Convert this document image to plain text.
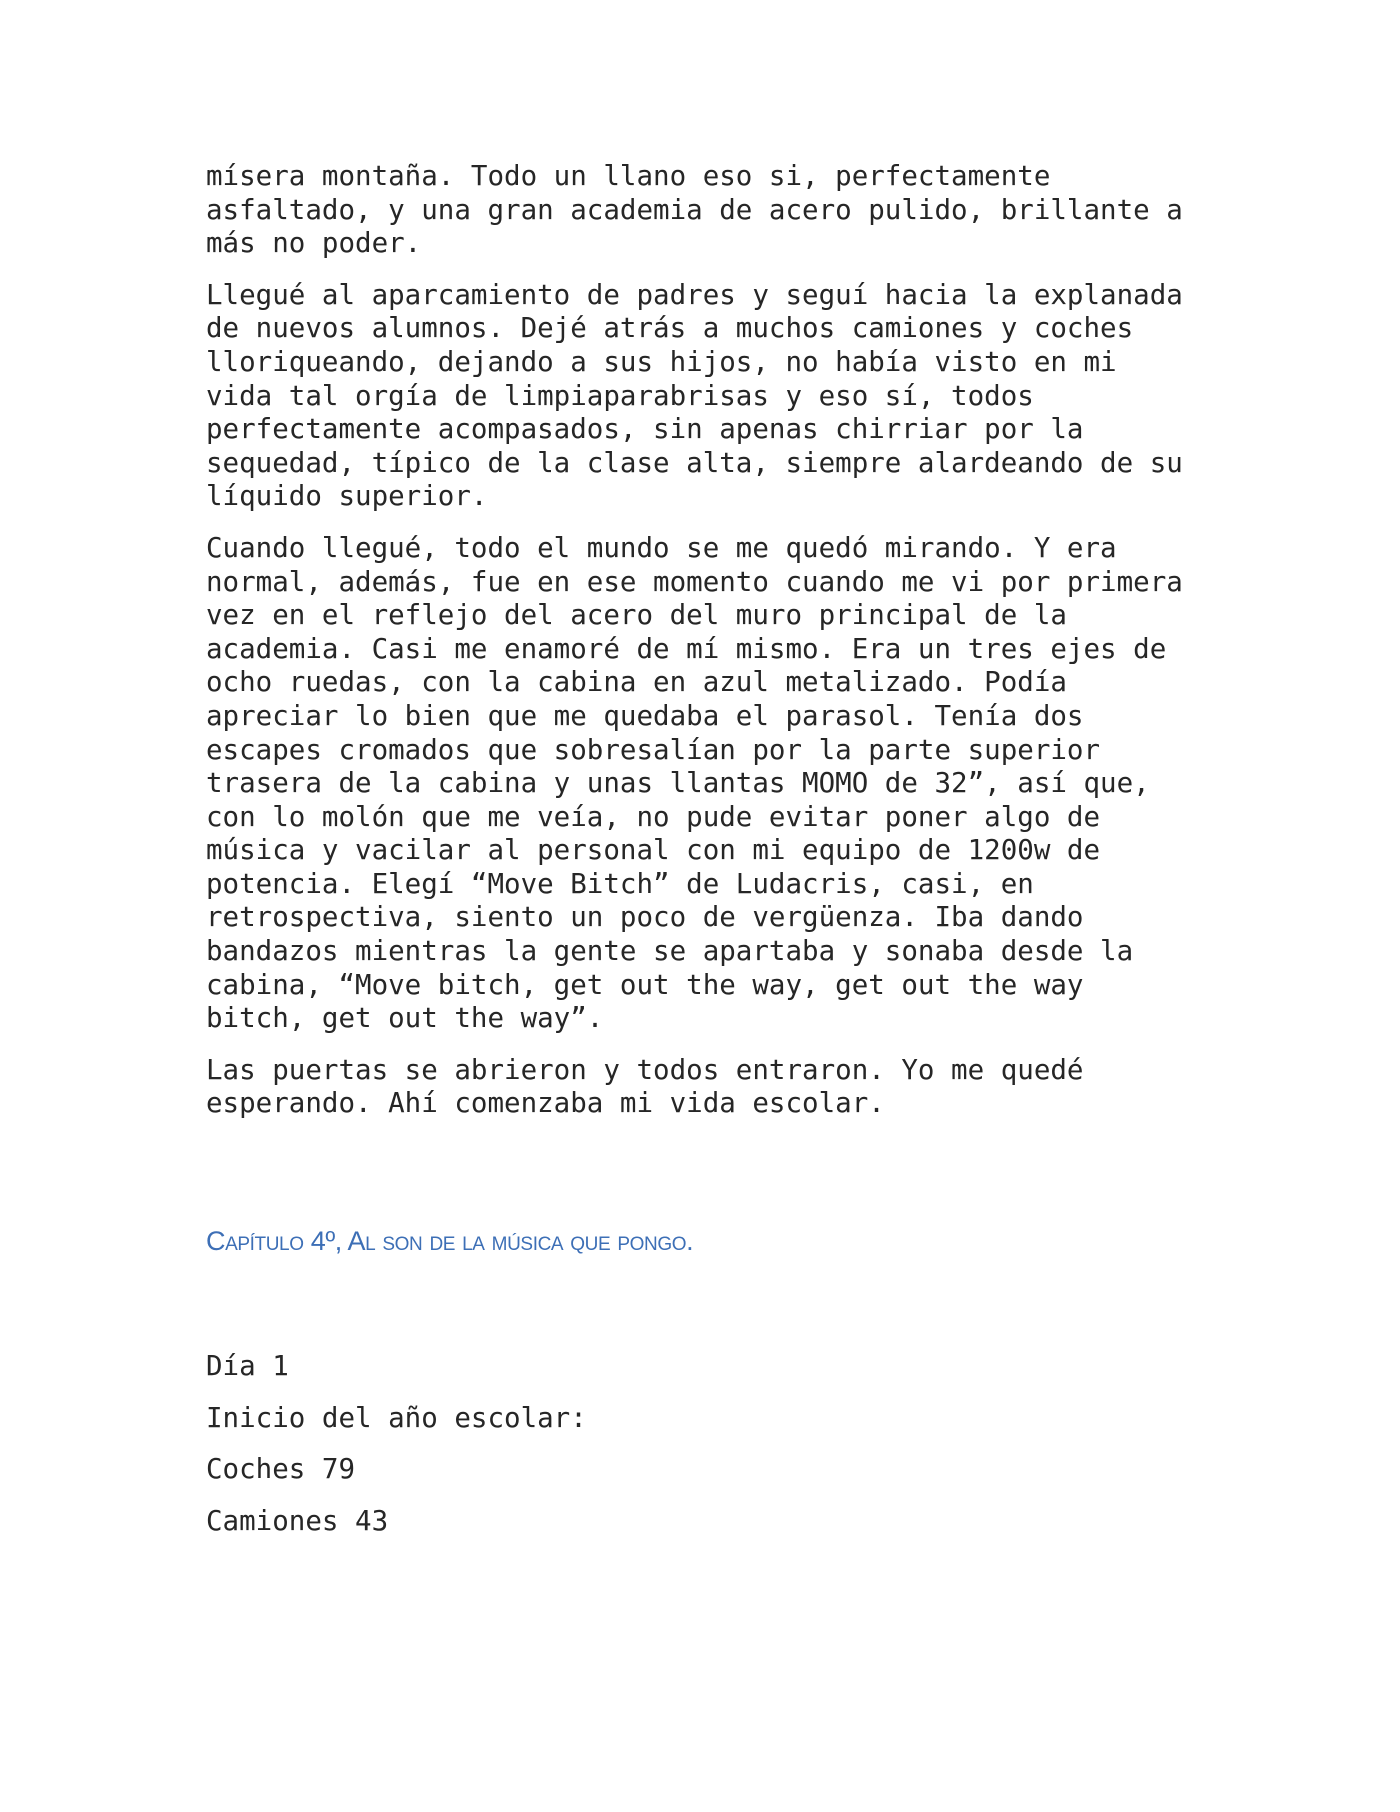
mísera montaña. Todo un llano eso si, perfectamente
asfaltado, y una gran academia de acero pulido, brillante a
más no poder.

Llegué al aparcamiento de padres y seguí hacia la explanada
de nuevos alumnos. Dejé atrás a muchos camiones y coches
lloriqueando, dejando a sus hijos, no había visto en mi
vida tal orgía de limpiaparabrisas y eso sí, todos
perfectamente acompasados, sin apenas chirriar por la
sequedad, típico de la clase alta, siempre alardeando de su
líquido superior.

Cuando llegué, todo el mundo se me quedó mirando. Y era
normal, además, fue en ese momento cuando me vi por primera
vez en el reflejo del acero del muro principal de la
academia. Casi me enamoré de mí mismo. Era un tres ejes de
ocho ruedas, con la cabina en azul metalizado. Podía
apreciar lo bien que me quedaba el parasol. Tenía dos
escapes cromados que sobresalían por la parte superior
trasera de la cabina y unas llantas MOMO de 32”, así que,
con lo molón que me veía, no pude evitar poner algo de
música y vacilar al personal con mi equipo de 1200w de
potencia. Elegí “Move Bitch” de Ludacris, casi, en
retrospectiva, siento un poco de vergüenza. Iba dando
bandazos mientras la gente se apartaba y sonaba desde la
cabina, “Move bitch, get out the way, get out the way
bitch, get out the way”.

Las puertas se abrieron y todos entraron. Yo me quedé
esperando. Ahí comenzaba mi vida escolar.

Capítulo 4º, Al son de la música que pongo.
Día 1
Inicio del año escolar:
Coches 79
Camiones 43
